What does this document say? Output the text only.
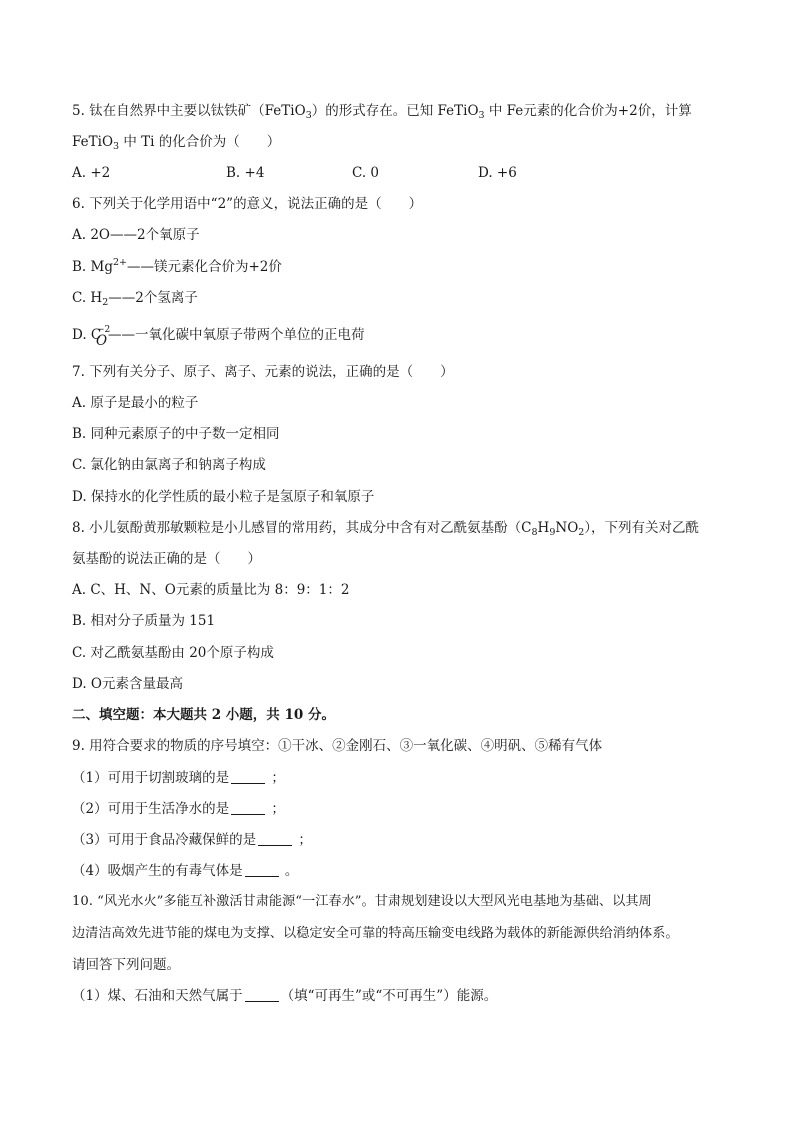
5. 钛在自然界中主要以钛铁矿（FeTiO$_3$）的形式存在。已知 FeTiO$_3$ 中 Fe元素的化合价为+2价，计算
FeTiO$_3$ 中 Ti 的化合价为（　　）
A. +2	B. +4	C. 0	D. +6
6. 下列关于化学用语中“2”的意义，说法正确的是（　　）
A. 2O——2个氧原子
B. $Mg^{2+}——$镁元素化合价为+2价
C. $H_2——2$个氢离子
D. C
−2
O ——一氧化碳中氧原子带两个单位的正电荷
7. 下列有关分子、原子、离子、元素的说法，正确的是（　　）
A. 原子是最小的粒子
B. 同种元素原子的中子数一定相同
C. 氯化钠由氯离子和钠离子构成
D. 保持水的化学性质的最小粒子是氢原子和氧原子
8. 小儿氨酚黄那敏颗粒是小儿感冒的常用药，其成分中含有对乙酰氨基酚$(C_8H_9NO_2)$，下列有关对乙酰
氨基酚的说法正确的是（　　）
A. C、H、N、O元素的质量比为 8：9：1：2
B. 相对分子质量为 151
C. 对乙酰氨基酚由 20个原子构成
D. O元素含量最高
二、填空题：本大题共 2 小题，共 10 分。
9. 用符合要求的物质的序号填空：①干冰、②金刚石、③一氧化碳、④明矾、⑤稀有气体
（1）可用于切割玻璃的是	；
（2）可用于生活净水的是	；
（3）可用于食品冷藏保鲜的是	；
（4）吸烟产生的有毒气体是	。
10. “风光水火”多能互补激活甘肃能源“一江春水”。甘肃规划建设以大型风光电基地为基础、以其周
边清洁高效先进节能的煤电为支撑、以稳定安全可靠的特高压输变电线路为载体的新能源供给消纳体系。
请回答下列问题。
（1）煤、石油和天然气属于	（填“可再生”或“不可再生”）能源。
